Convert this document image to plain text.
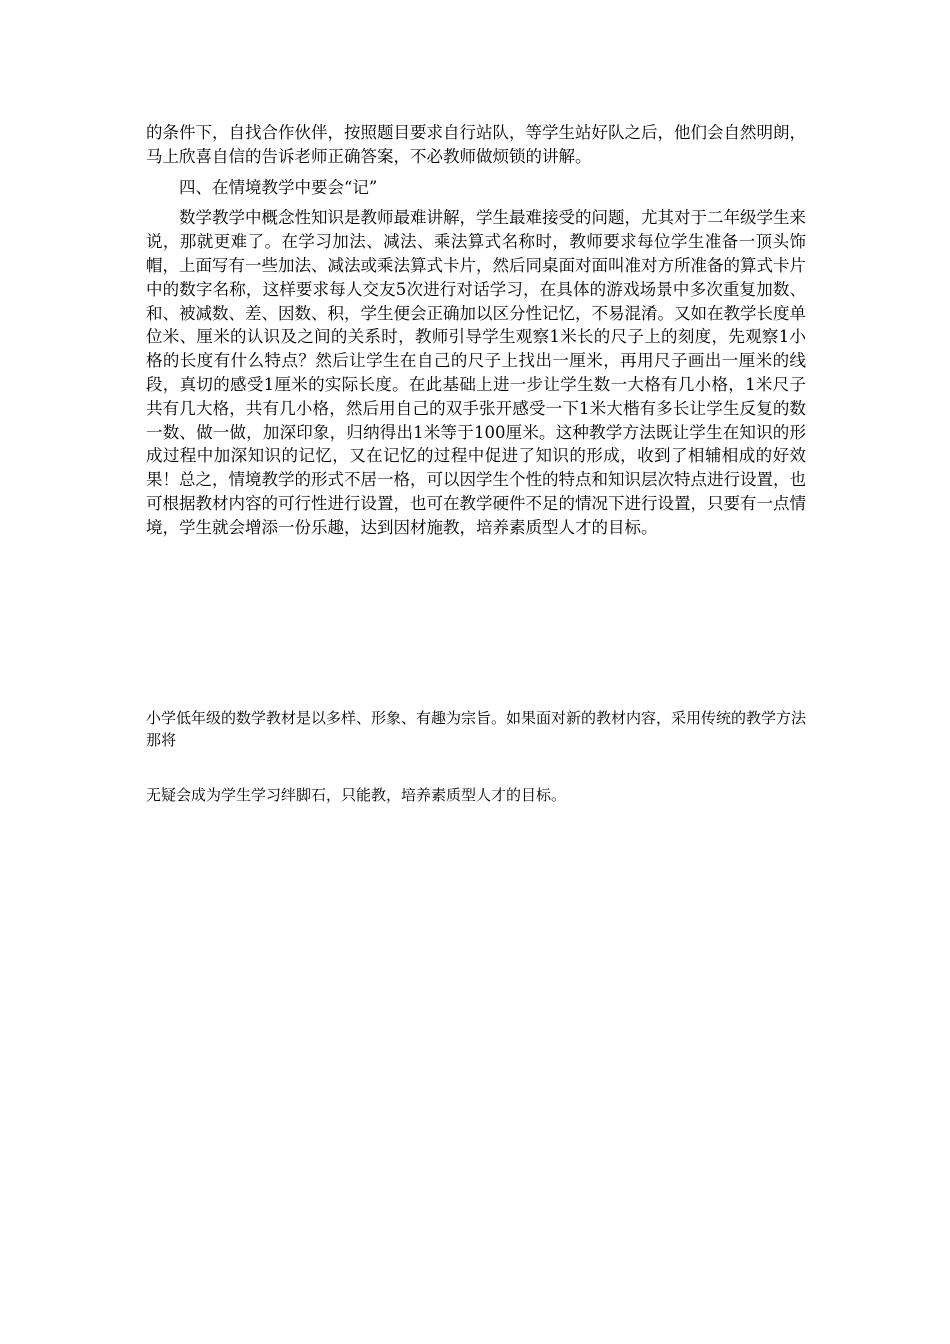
的条件下，自找合作伙伴，按照题目要求自行站队，等学生站好队之后，他们会自然明朗，马上欣喜自信的告诉老师正确答案，不必教师做烦锁的讲解。

四、在情境教学中要会“记”

数学教学中概念性知识是教师最难讲解，学生最难接受的问题，尤其对于二年级学生来说，那就更难了。在学习加法、减法、乘法算式名称时，教师要求每位学生准备一顶头饰帽，上面写有一些加法、减法或乘法算式卡片，然后同桌面对面叫准对方所准备的算式卡片中的数字名称，这样要求每人交友5次进行对话学习，在具体的游戏场景中多次重复加数、和、被减数、差、因数、积，学生便会正确加以区分性记忆，不易混淆。又如在教学长度单位米、厘米的认识及之间的关系时，教师引导学生观察1米长的尺子上的刻度，先观察1小格的长度有什么特点？然后让学生在自己的尺子上找出一厘米，再用尺子画出一厘米的线段，真切的感受1厘米的实际长度。在此基础上进一步让学生数一大格有几小格，1米尺子共有几大格，共有几小格，然后用自己的双手张开感受一下1米大楷有多长让学生反复的数一数、做一做，加深印象，归纳得出1米等于100厘米。这种教学方法既让学生在知识的形成过程中加深知识的记忆，又在记忆的过程中促进了知识的形成，收到了相辅相成的好效果！总之，情境教学的形式不居一格，可以因学生个性的特点和知识层次特点进行设置，也可根据教材内容的可行性进行设置，也可在教学硬件不足的情况下进行设置，只要有一点情境，学生就会增添一份乐趣，达到因材施教，培养素质型人才的目标。

小学低年级的数学教材是以多样、形象、有趣为宗旨。如果面对新的教材内容，采用传统的教学方法那将

无疑会成为学生学习绊脚石，只能教，培养素质型人才的目标。
